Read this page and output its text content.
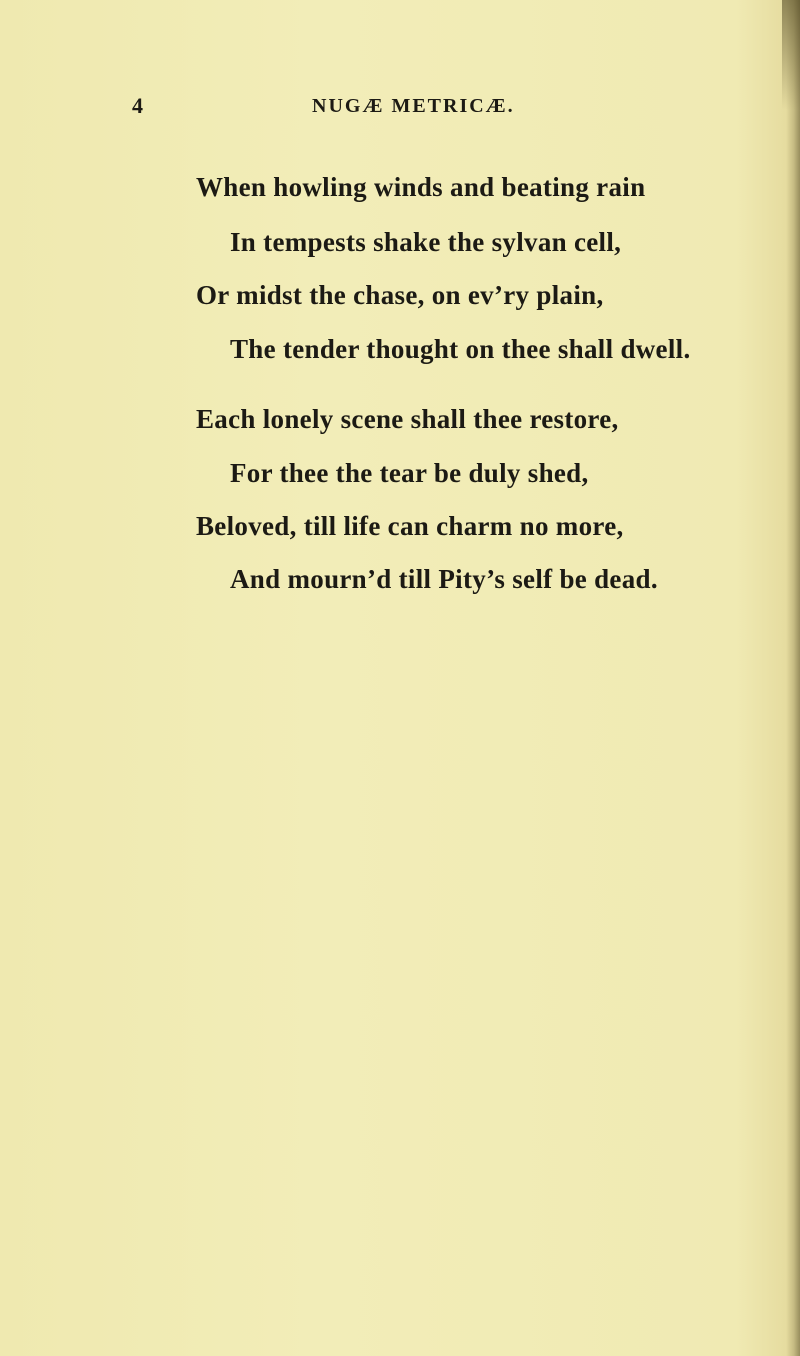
4	NUGÆ METRICÆ.
When howling winds and beating rain
In tempests shake the sylvan cell,
Or midst the chase, on ev’ry plain,
The tender thought on thee shall dwell.
Each lonely scene shall thee restore,
For thee the tear be duly shed,
Beloved, till life can charm no more,
And mourn’d till Pity’s self be dead.
